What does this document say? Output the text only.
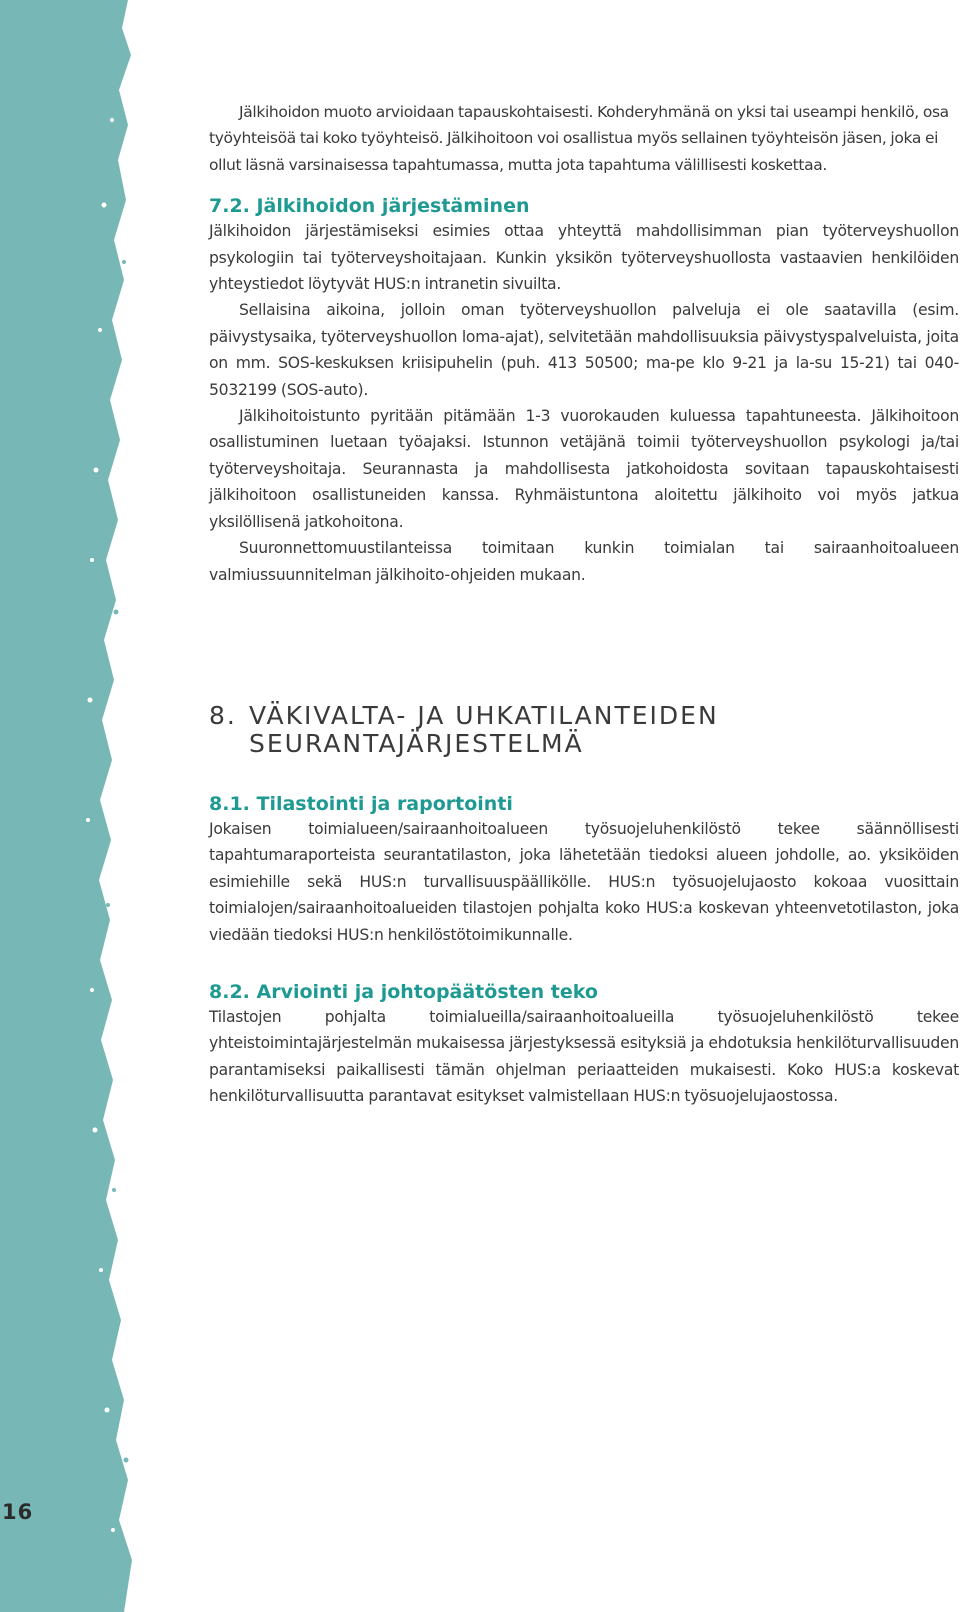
16

Jälkihoidon muoto arvioidaan tapauskohtaisesti. Kohderyhmänä on yksi tai useampi henkilö, osa työyhteisöä tai koko työyhteisö. Jälkihoitoon voi osallistua myös sellainen työyhteisön jäsen, joka ei ollut läsnä varsinaisessa tapahtumassa, mutta jota tapahtuma välillisesti koskettaa.

7.2. Jälkihoidon järjestäminen

Jälkihoidon järjestämiseksi esimies ottaa yhteyttä mahdollisimman pian työterveyshuollon psykologiin tai työterveyshoitajaan. Kunkin yksikön työterveyshuollosta vastaavien henkilöiden yhteystiedot löytyvät HUS:n intranetin sivuilta.

Sellaisina aikoina, jolloin oman työterveyshuollon palveluja ei ole saatavilla (esim. päivystysaika, työterveyshuollon loma-ajat), selvitetään mahdollisuuksia päivystyspalveluista, joita on mm. SOS-keskuksen kriisipuhelin (puh. 413 50500; ma-pe klo 9-21 ja la-su 15-21) tai 040-5032199 (SOS-auto).

Jälkihoitoistunto pyritään pitämään 1-3 vuorokauden kuluessa tapahtuneesta. Jälkihoitoon osallistuminen luetaan työajaksi. Istunnon vetäjänä toimii työterveyshuollon psykologi ja/tai työterveyshoitaja. Seurannasta ja mahdollisesta jatkohoidosta sovitaan tapauskohtaisesti jälkihoitoon osallistuneiden kanssa. Ryhmäistuntona aloitettu jälkihoito voi myös jatkua yksilöllisenä jatkohoitona.

Suuronnettomuustilanteissa toimitaan kunkin toimialan tai sairaanhoitoalueen valmiussuunnitelman jälkihoito-ohjeiden mukaan.

8. VÄKIVALTA- JA UHKATILANTEIDEN
SEURANTAJÄRJESTELMÄ
8.1. Tilastointi ja raportointi

Jokaisen toimialueen/sairaanhoitoalueen työsuojeluhenkilöstö tekee säännöllisesti tapahtumaraporteista seurantatilaston, joka lähetetään tiedoksi alueen johdolle, ao. yksiköiden esimiehille sekä HUS:n turvallisuuspäällikölle. HUS:n työsuojelujaosto kokoaa vuosittain toimialojen/sairaanhoitoalueiden tilastojen pohjalta koko HUS:a koskevan yhteenvetotilaston, joka viedään tiedoksi HUS:n henkilöstötoimikunnalle.

8.2. Arviointi ja johtopäätösten teko

Tilastojen pohjalta toimialueilla/sairaanhoitoalueilla työsuojeluhenkilöstö tekee yhteistoimintajärjestelmän mukaisessa järjestyksessä esityksiä ja ehdotuksia henkilöturvallisuuden parantamiseksi paikallisesti tämän ohjelman periaatteiden mukaisesti. Koko HUS:a koskevat henkilöturvallisuutta parantavat esitykset valmistellaan HUS:n työsuojelujaostossa.
